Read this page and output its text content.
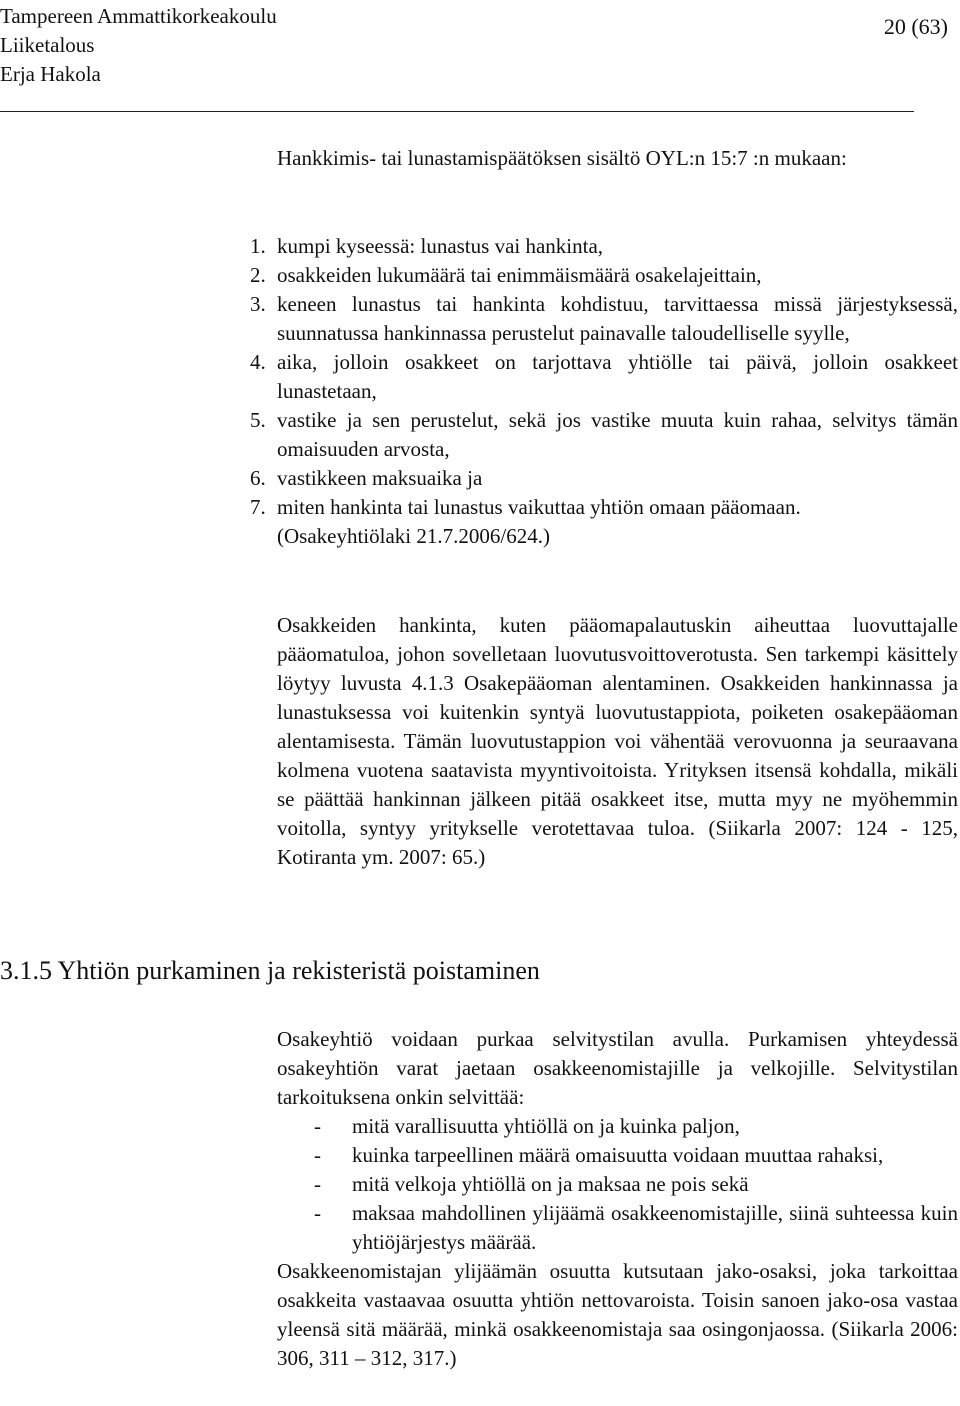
Tampereen Ammattikorkeakoulu
Liiketalous
Erja Hakola
20 (63)

Hankkimis- tai lunastamispäätöksen sisältö OYL:n 15:7 :n mukaan:

1. kumpi kyseessä: lunastus vai hankinta,
2. osakkeiden lukumäärä tai enimmäismäärä osakelajeittain,
3. keneen lunastus tai hankinta kohdistuu, tarvittaessa missä järjestyksessä, suunnatussa hankinnassa perustelut painavalle taloudelliselle syylle,
4. aika, jolloin osakkeet on tarjottava yhtiölle tai päivä, jolloin osakkeet lunastetaan,
5. vastike ja sen perustelut, sekä jos vastike muuta kuin rahaa, selvitys tämän omaisuuden arvosta,
6. vastikkeen maksuaika ja
7. miten hankinta tai lunastus vaikuttaa yhtiön omaan pääomaan.
(Osakeyhtiölaki 21.7.2006/624.)

Osakkeiden hankinta, kuten pääomapalautuskin aiheuttaa luovuttajalle pääomatuloa, johon sovelletaan luovutusvoittoverotusta. Sen tarkempi käsittely löytyy luvusta 4.1.3 Osakepääoman alentaminen. Osakkeiden hankinnassa ja lunastuksessa voi kuitenkin syntyä luovutustappiota, poiketen osakepääoman alentamisesta. Tämän luovutustappion voi vähentää verovuonna ja seuraavana kolmena vuotena saatavista myyntivoitoista. Yrityksen itsensä kohdalla, mikäli se päättää hankinnan jälkeen pitää osakkeet itse, mutta myy ne myöhemmin voitolla, syntyy yritykselle verotettavaa tuloa. (Siikarla 2007: 124 - 125, Kotiranta ym. 2007: 65.)

3.1.5 Yhtiön purkaminen ja rekisteristä poistaminen

Osakeyhtiö voidaan purkaa selvitystilan avulla. Purkamisen yhteydessä osakeyhtiön varat jaetaan osakkeenomistajille ja velkojille. Selvitystilan tarkoituksena onkin selvittää:

- mitä varallisuutta yhtiöllä on ja kuinka paljon,
- kuinka tarpeellinen määrä omaisuutta voidaan muuttaa rahaksi,
- mitä velkoja yhtiöllä on ja maksaa ne pois sekä
- maksaa mahdollinen ylijäämä osakkeenomistajille, siinä suhteessa kuin yhtiöjärjestys määrää.

Osakkeenomistajan ylijäämän osuutta kutsutaan jako-osaksi, joka tarkoittaa osakkeita vastaavaa osuutta yhtiön nettovaroista. Toisin sanoen jako-osa vastaa yleensä sitä määrää, minkä osakkeenomistaja saa osingonjaossa. (Siikarla 2006: 306, 311 – 312, 317.)
